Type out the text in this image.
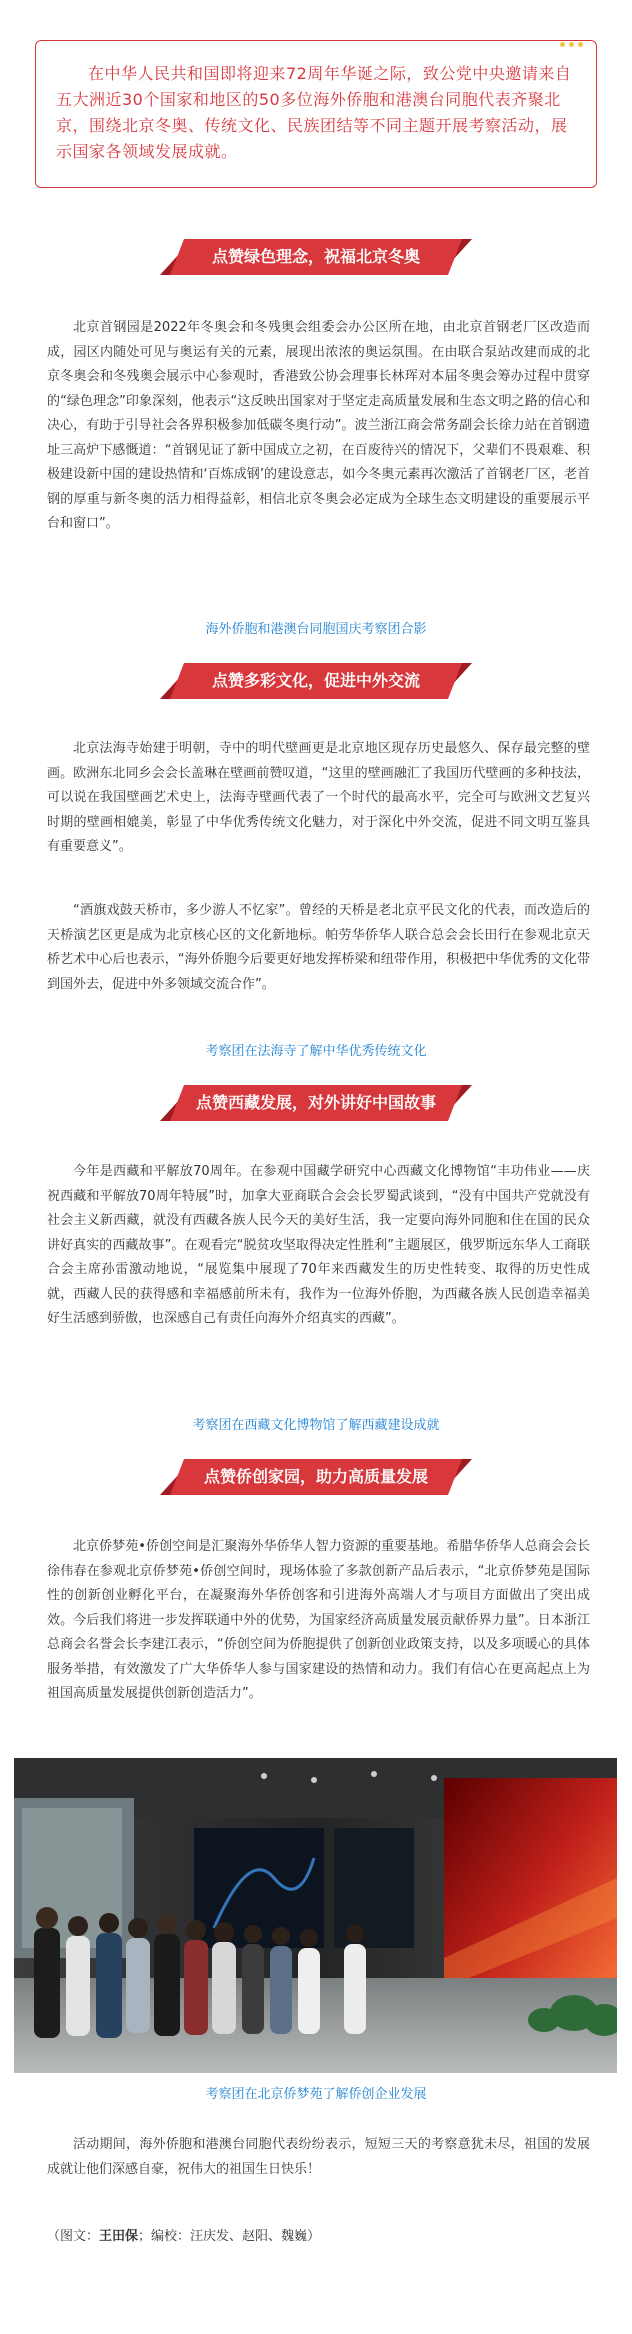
在中华人民共和国即将迎来72周年华诞之际，致公党中央邀请来自五大洲近30个国家和地区的50多位海外侨胞和港澳台同胞代表齐聚北京，围绕北京冬奥、传统文化、民族团结等不同主题开展考察活动，展示国家各领域发展成就。

点赞绿色理念，祝福北京冬奥

北京首钢园是2022年冬奥会和冬残奥会组委会办公区所在地，由北京首钢老厂区改造而成，园区内随处可见与奥运有关的元素，展现出浓浓的奥运氛围。在由联合泵站改建而成的北京冬奥会和冬残奥会展示中心参观时，香港致公协会理事长林珲对本届冬奥会筹办过程中贯穿的“绿色理念”印象深刻，他表示“这反映出国家对于坚定走高质量发展和生态文明之路的信心和决心，有助于引导社会各界积极参加低碳冬奥行动”。波兰浙江商会常务副会长徐力站在首钢遗址三高炉下感慨道：“首钢见证了新中国成立之初，在百废待兴的情况下，父辈们不畏艰难、积极建设新中国的建设热情和‘百炼成钢’的建设意志，如今冬奥元素再次激活了首钢老厂区，老首钢的厚重与新冬奥的活力相得益彰，相信北京冬奥会必定成为全球生态文明建设的重要展示平台和窗口”。

海外侨胞和港澳台同胞国庆考察团合影

点赞多彩文化，促进中外交流

北京法海寺始建于明朝，寺中的明代壁画更是北京地区现存历史最悠久、保存最完整的壁画。欧洲东北同乡会会长盖琳在壁画前赞叹道，“这里的壁画融汇了我国历代壁画的多种技法，可以说在我国壁画艺术史上，法海寺壁画代表了一个时代的最高水平，完全可与欧洲文艺复兴时期的壁画相媲美，彰显了中华优秀传统文化魅力，对于深化中外交流，促进不同文明互鉴具有重要意义”。

“酒旗戏鼓天桥市，多少游人不忆家”。曾经的天桥是老北京平民文化的代表，而改造后的天桥演艺区更是成为北京核心区的文化新地标。帕劳华侨华人联合总会会长田行在参观北京天桥艺术中心后也表示，“海外侨胞今后要更好地发挥桥梁和纽带作用，积极把中华优秀的文化带到国外去，促进中外多领域交流合作”。

考察团在法海寺了解中华优秀传统文化

点赞西藏发展，对外讲好中国故事

今年是西藏和平解放70周年。在参观中国藏学研究中心西藏文化博物馆“丰功伟业——庆祝西藏和平解放70周年特展”时，加拿大亚商联合会会长罗蜀武谈到，“没有中国共产党就没有社会主义新西藏，就没有西藏各族人民今天的美好生活，我一定要向海外同胞和住在国的民众讲好真实的西藏故事”。在观看完“脱贫攻坚取得决定性胜利”主题展区，俄罗斯远东华人工商联合会主席孙雷激动地说，“展览集中展现了70年来西藏发生的历史性转变、取得的历史性成就，西藏人民的获得感和幸福感前所未有，我作为一位海外侨胞，为西藏各族人民创造幸福美好生活感到骄傲，也深感自己有责任向海外介绍真实的西藏”。

考察团在西藏文化博物馆了解西藏建设成就

点赞侨创家园，助力高质量发展

北京侨梦苑•侨创空间是汇聚海外华侨华人智力资源的重要基地。希腊华侨华人总商会会长徐伟春在参观北京侨梦苑•侨创空间时，现场体验了多款创新产品后表示，“北京侨梦苑是国际性的创新创业孵化平台，在凝聚海外华侨创客和引进海外高端人才与项目方面做出了突出成效。今后我们将进一步发挥联通中外的优势，为国家经济高质量发展贡献侨界力量”。日本浙江总商会名誉会长李建江表示，“侨创空间为侨胞提供了创新创业政策支持，以及多项暖心的具体服务举措，有效激发了广大华侨华人参与国家建设的热情和动力。我们有信心在更高起点上为祖国高质量发展提供创新创造活力”。

考察团在北京侨梦苑了解侨创企业发展

活动期间，海外侨胞和港澳台同胞代表纷纷表示，短短三天的考察意犹未尽，祖国的发展成就让他们深感自豪，祝伟大的祖国生日快乐！

（图文：王田保；编校：汪庆发、赵阳、魏巍）
